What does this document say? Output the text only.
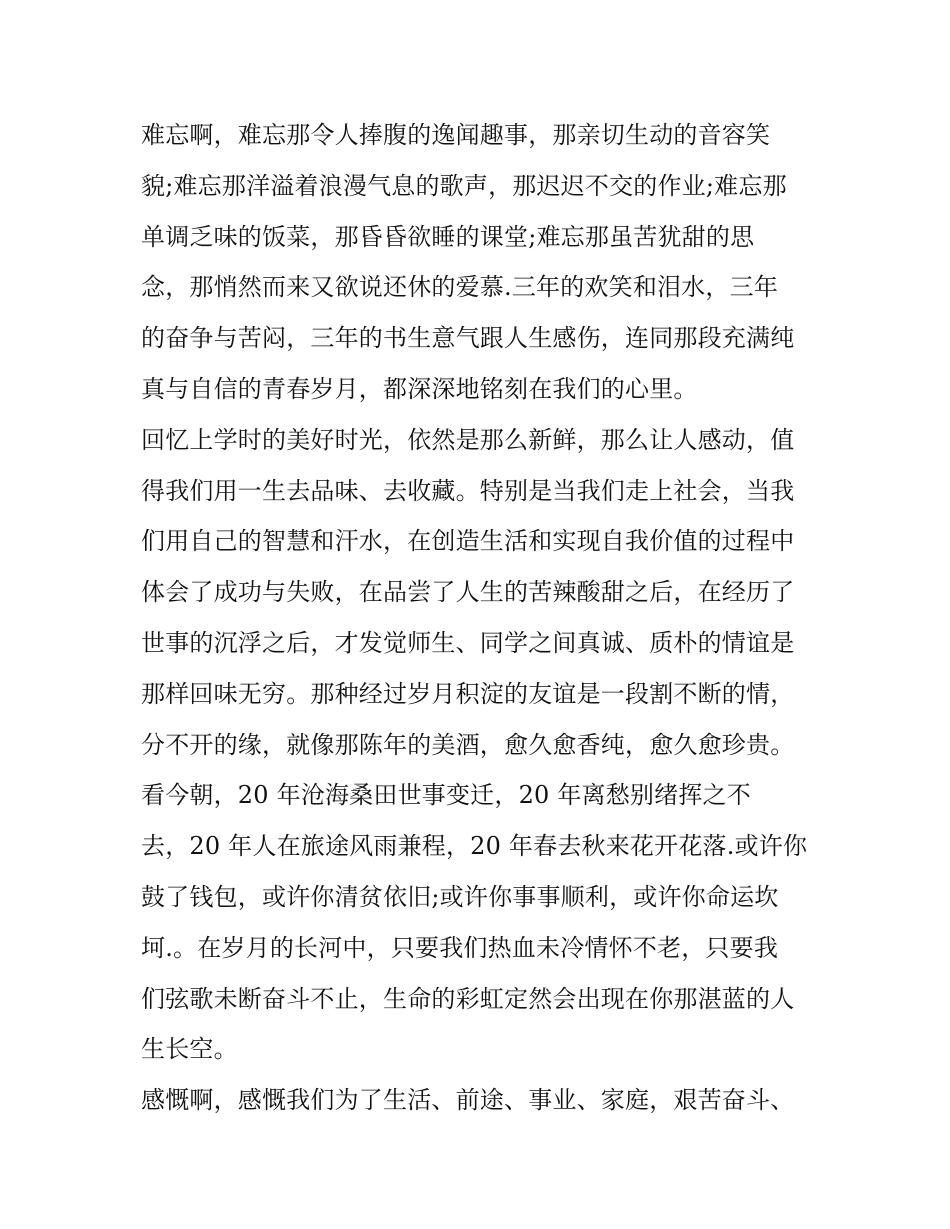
难忘啊，难忘那令人捧腹的逸闻趣事，那亲切生动的音容笑
貌;难忘那洋溢着浪漫气息的歌声，那迟迟不交的作业;难忘那
单调乏味的饭菜，那昏昏欲睡的课堂;难忘那虽苦犹甜的思
念，那悄然而来又欲说还休的爱慕.三年的欢笑和泪水，三年
的奋争与苦闷，三年的书生意气跟人生感伤，连同那段充满纯
真与自信的青春岁月，都深深地铭刻在我们的心里。
回忆上学时的美好时光，依然是那么新鲜，那么让人感动，值
得我们用一生去品味、去收藏。特别是当我们走上社会，当我
们用自己的智慧和汗水，在创造生活和实现自我价值的过程中
体会了成功与失败，在品尝了人生的苦辣酸甜之后，在经历了
世事的沉浮之后，才发觉师生、同学之间真诚、质朴的情谊是
那样回味无穷。那种经过岁月积淀的友谊是一段割不断的情，
分不开的缘，就像那陈年的美酒，愈久愈香纯，愈久愈珍贵。
看今朝，20 年沧海桑田世事变迁，20 年离愁别绪挥之不
去，20 年人在旅途风雨兼程，20 年春去秋来花开花落.或许你
鼓了钱包，或许你清贫依旧;或许你事事顺利，或许你命运坎
坷.。在岁月的长河中，只要我们热血未冷情怀不老，只要我
们弦歌未断奋斗不止，生命的彩虹定然会出现在你那湛蓝的人
生长空。
感慨啊，感慨我们为了生活、前途、事业、家庭，艰苦奋斗、
